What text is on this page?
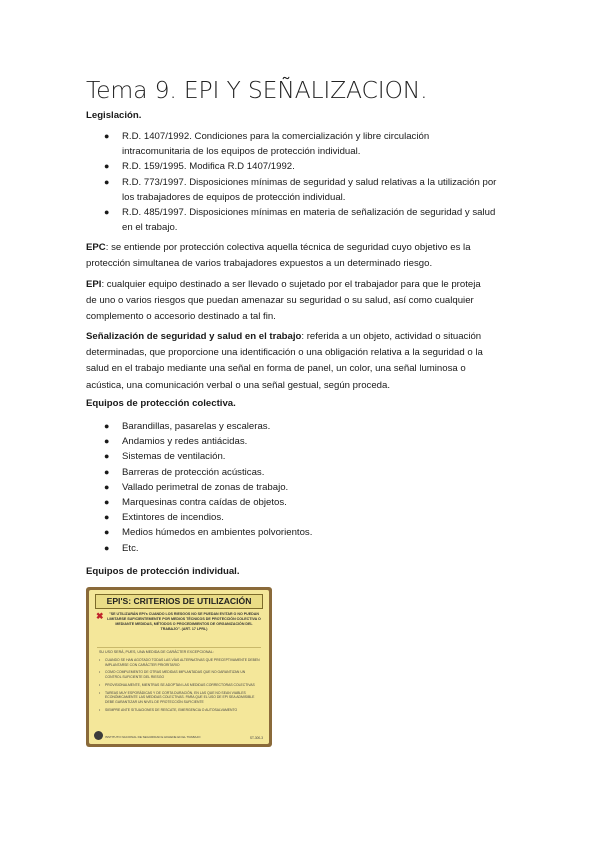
Tema 9. EPI Y SEÑALIZACION.
Legislación.
● R.D. 1407/1992. Condiciones para la comercialización y libre circulación
intracomunitaria de los equipos de protección individual.
● R.D. 159/1995. Modifica R.D 1407/1992.
● R.D. 773/1997. Disposiciones mínimas de seguridad y salud relativas a la utilización por
los trabajadores de equipos de protección individual.
● R.D. 485/1997. Disposiciones mínimas en materia de señalización de seguridad y salud
en el trabajo.
EPC: se entiende por protección colectiva aquella técnica de seguridad cuyo objetivo es la
protección simultanea de varios trabajadores expuestos a un determinado riesgo.
EPI: cualquier equipo destinado a ser llevado o sujetado por el trabajador para que le proteja
de uno o varios riesgos que puedan amenazar su seguridad o su salud, así como cualquier
complemento o accesorio destinado a tal fin.
Señalización de seguridad y salud en el trabajo: referida a un objeto, actividad o situación
determinadas, que proporcione una identificación o una obligación relativa a la seguridad o la
salud en el trabajo mediante una señal en forma de panel, un color, una señal luminosa o
acústica, una comunicación verbal o una señal gestual, según proceda.
Equipos de protección colectiva.
● Barandillas, pasarelas y escaleras.
● Andamios y redes antiácidas.
● Sistemas de ventilación.
● Barreras de protección acústicas.
● Vallado perimetral de zonas de trabajo.
● Marquesinas contra caídas de objetos.
● Extintores de incendios.
● Medios húmedos en ambientes polvorientos.
● Etc.
Equipos de protección individual.
EPI'S: CRITERIOS DE UTILIZACIÓN
✖	"SE UTILIZARÁN EPI's CUANDO LOS RIESGOS NO SE PUEDAN EVITAR O NO PUEDAN LIMITARSE SUFICIENTEMENTE POR MEDIOS TÉCNICOS DE PROTECCIÓN COLECTIVA O MEDIANTE MEDIDAS, MÉTODOS O PROCEDIMIENTOS DE ORGANIZACIÓN DEL TRABAJO". (ART. 17 LPRL)
SU USO SERÁ, PUES, UNA MEDIDA DE CARÁCTER EXCEPCIONAL:
• CUANDO SE HAN AGOTADO TODAS LAS VÍAS ALTERNATIVAS QUE PRECEPTIVAMENTE DEBEN IMPLANTARSE CON CARÁCTER PRIORITARIO
• COMO COMPLEMENTO DE OTRAS MEDIDAS IMPLANTADAS QUE NO GARANTIZAN UN CONTROL SUFICIENTE DEL RIESGO
• PROVISIONALMENTE, MIENTRAS SE ADOPTAN LAS MEDIDAS CORRECTORAS COLECTIVAS
• TAREAS MUY ESPORÁDICAS Y DE CORTA DURACIÓN, EN LAS QUE NO SEAN VIABLES ECONÓMICAMENTE LAS MEDIDAS COLECTIVAS. PARA QUE EL USO DE EPI SEA ADMISIBLE DEBE GARANTIZAR UN NIVEL DE PROTECCIÓN SUFICIENTE
• SIEMPRE ANTE SITUACIONES DE RESCATE, EMERGENCIA O AUTOSALVAMENTO
INSTITUTO NACIONAL DE SEGURIDAD E HIGIENE EN EL TRABAJO	ST-300-3
